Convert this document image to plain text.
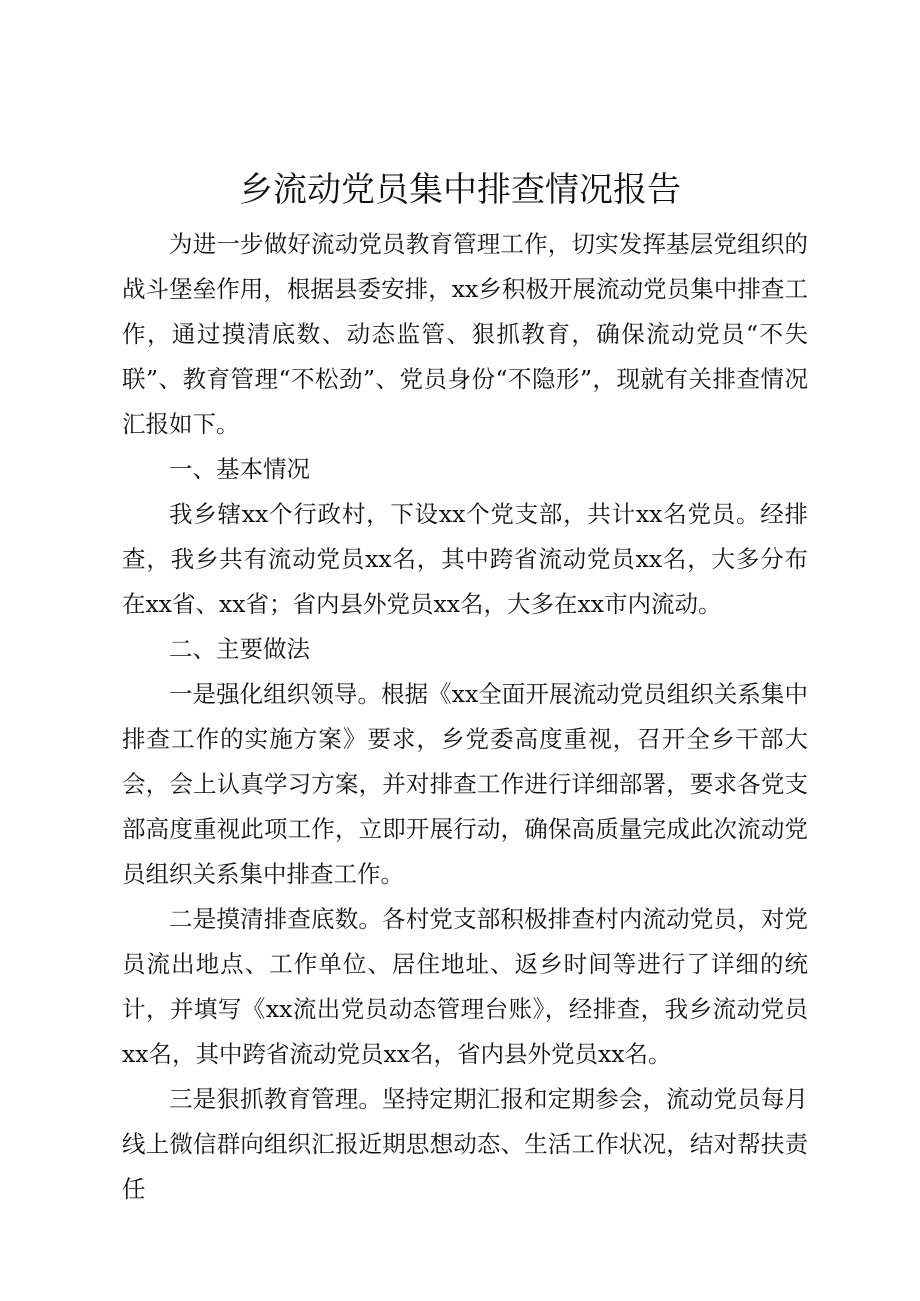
乡流动党员集中排查情况报告

为进一步做好流动党员教育管理工作，切实发挥基层党组织的战斗堡垒作用，根据县委安排，xx乡积极开展流动党员集中排查工作，通过摸清底数、动态监管、狠抓教育，确保流动党员“不失联”、教育管理“不松劲”、党员身份“不隐形”，现就有关排查情况汇报如下。

一、基本情况

我乡辖xx个行政村，下设xx个党支部，共计xx名党员。经排查，我乡共有流动党员xx名，其中跨省流动党员xx名，大多分布在xx省、xx省；省内县外党员xx名，大多在xx市内流动。

二、主要做法

一是强化组织领导。根据《xx全面开展流动党员组织关系集中排查工作的实施方案》要求，乡党委高度重视，召开全乡干部大会，会上认真学习方案，并对排查工作进行详细部署，要求各党支部高度重视此项工作，立即开展行动，确保高质量完成此次流动党员组织关系集中排查工作。

二是摸清排查底数。各村党支部积极排查村内流动党员，对党员流出地点、工作单位、居住地址、返乡时间等进行了详细的统计，并填写《xx流出党员动态管理台账》，经排查，我乡流动党员xx名，其中跨省流动党员xx名，省内县外党员xx名。

三是狠抓教育管理。坚持定期汇报和定期参会，流动党员每月线上微信群向组织汇报近期思想动态、生活工作状况，结对帮扶责任
